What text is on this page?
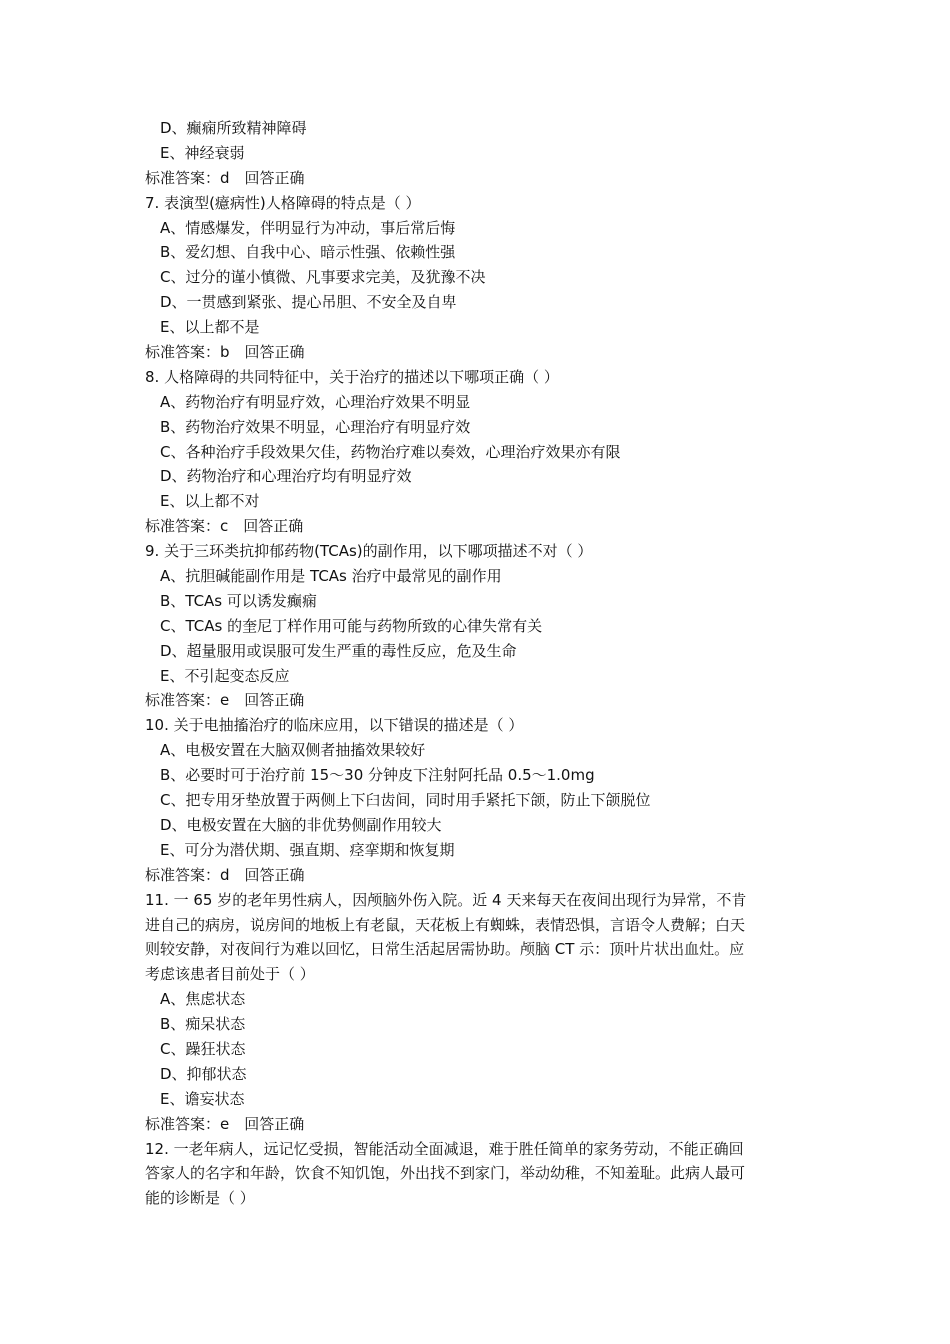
D、癫痫所致精神障碍
E、神经衰弱
标准答案：d　回答正确
7. 表演型(癔病性)人格障碍的特点是（ ）
A、情感爆发，伴明显行为冲动，事后常后悔
B、爱幻想、自我中心、暗示性强、依赖性强
C、过分的谨小慎微、凡事要求完美，及犹豫不决
D、一贯感到紧张、提心吊胆、不安全及自卑
E、以上都不是
标准答案：b　回答正确
8. 人格障碍的共同特征中，关于治疗的描述以下哪项正确（ ）
A、药物治疗有明显疗效，心理治疗效果不明显
B、药物治疗效果不明显，心理治疗有明显疗效
C、各种治疗手段效果欠佳，药物治疗难以奏效，心理治疗效果亦有限
D、药物治疗和心理治疗均有明显疗效
E、以上都不对
标准答案：c　回答正确
9. 关于三环类抗抑郁药物(TCAs)的副作用，以下哪项描述不对（ ）
A、抗胆碱能副作用是 TCAs 治疗中最常见的副作用
B、TCAs 可以诱发癫痫
C、TCAs 的奎尼丁样作用可能与药物所致的心律失常有关
D、超量服用或误服可发生严重的毒性反应，危及生命
E、不引起变态反应
标准答案：e　回答正确
10. 关于电抽搐治疗的临床应用，以下错误的描述是（ ）
A、电极安置在大脑双侧者抽搐效果较好
B、必要时可于治疗前 15～30 分钟皮下注射阿托品 0.5～1.0mg
C、把专用牙垫放置于两侧上下臼齿间，同时用手紧托下颌，防止下颌脱位
D、电极安置在大脑的非优势侧副作用较大
E、可分为潜伏期、强直期、痉挛期和恢复期
标准答案：d　回答正确
11. 一 65 岁的老年男性病人，因颅脑外伤入院。近 4 天来每天在夜间出现行为异常，不肯
进自己的病房，说房间的地板上有老鼠，天花板上有蜘蛛，表情恐惧，言语令人费解；白天
则较安静，对夜间行为难以回忆，日常生活起居需协助。颅脑 CT 示：顶叶片状出血灶。应
考虑该患者目前处于（ ）
A、焦虑状态
B、痴呆状态
C、躁狂状态
D、抑郁状态
E、谵妄状态
标准答案：e　回答正确
12. 一老年病人，远记忆受损，智能活动全面减退，难于胜任简单的家务劳动，不能正确回
答家人的名字和年龄，饮食不知饥饱，外出找不到家门，举动幼稚，不知羞耻。此病人最可
能的诊断是（ ）
